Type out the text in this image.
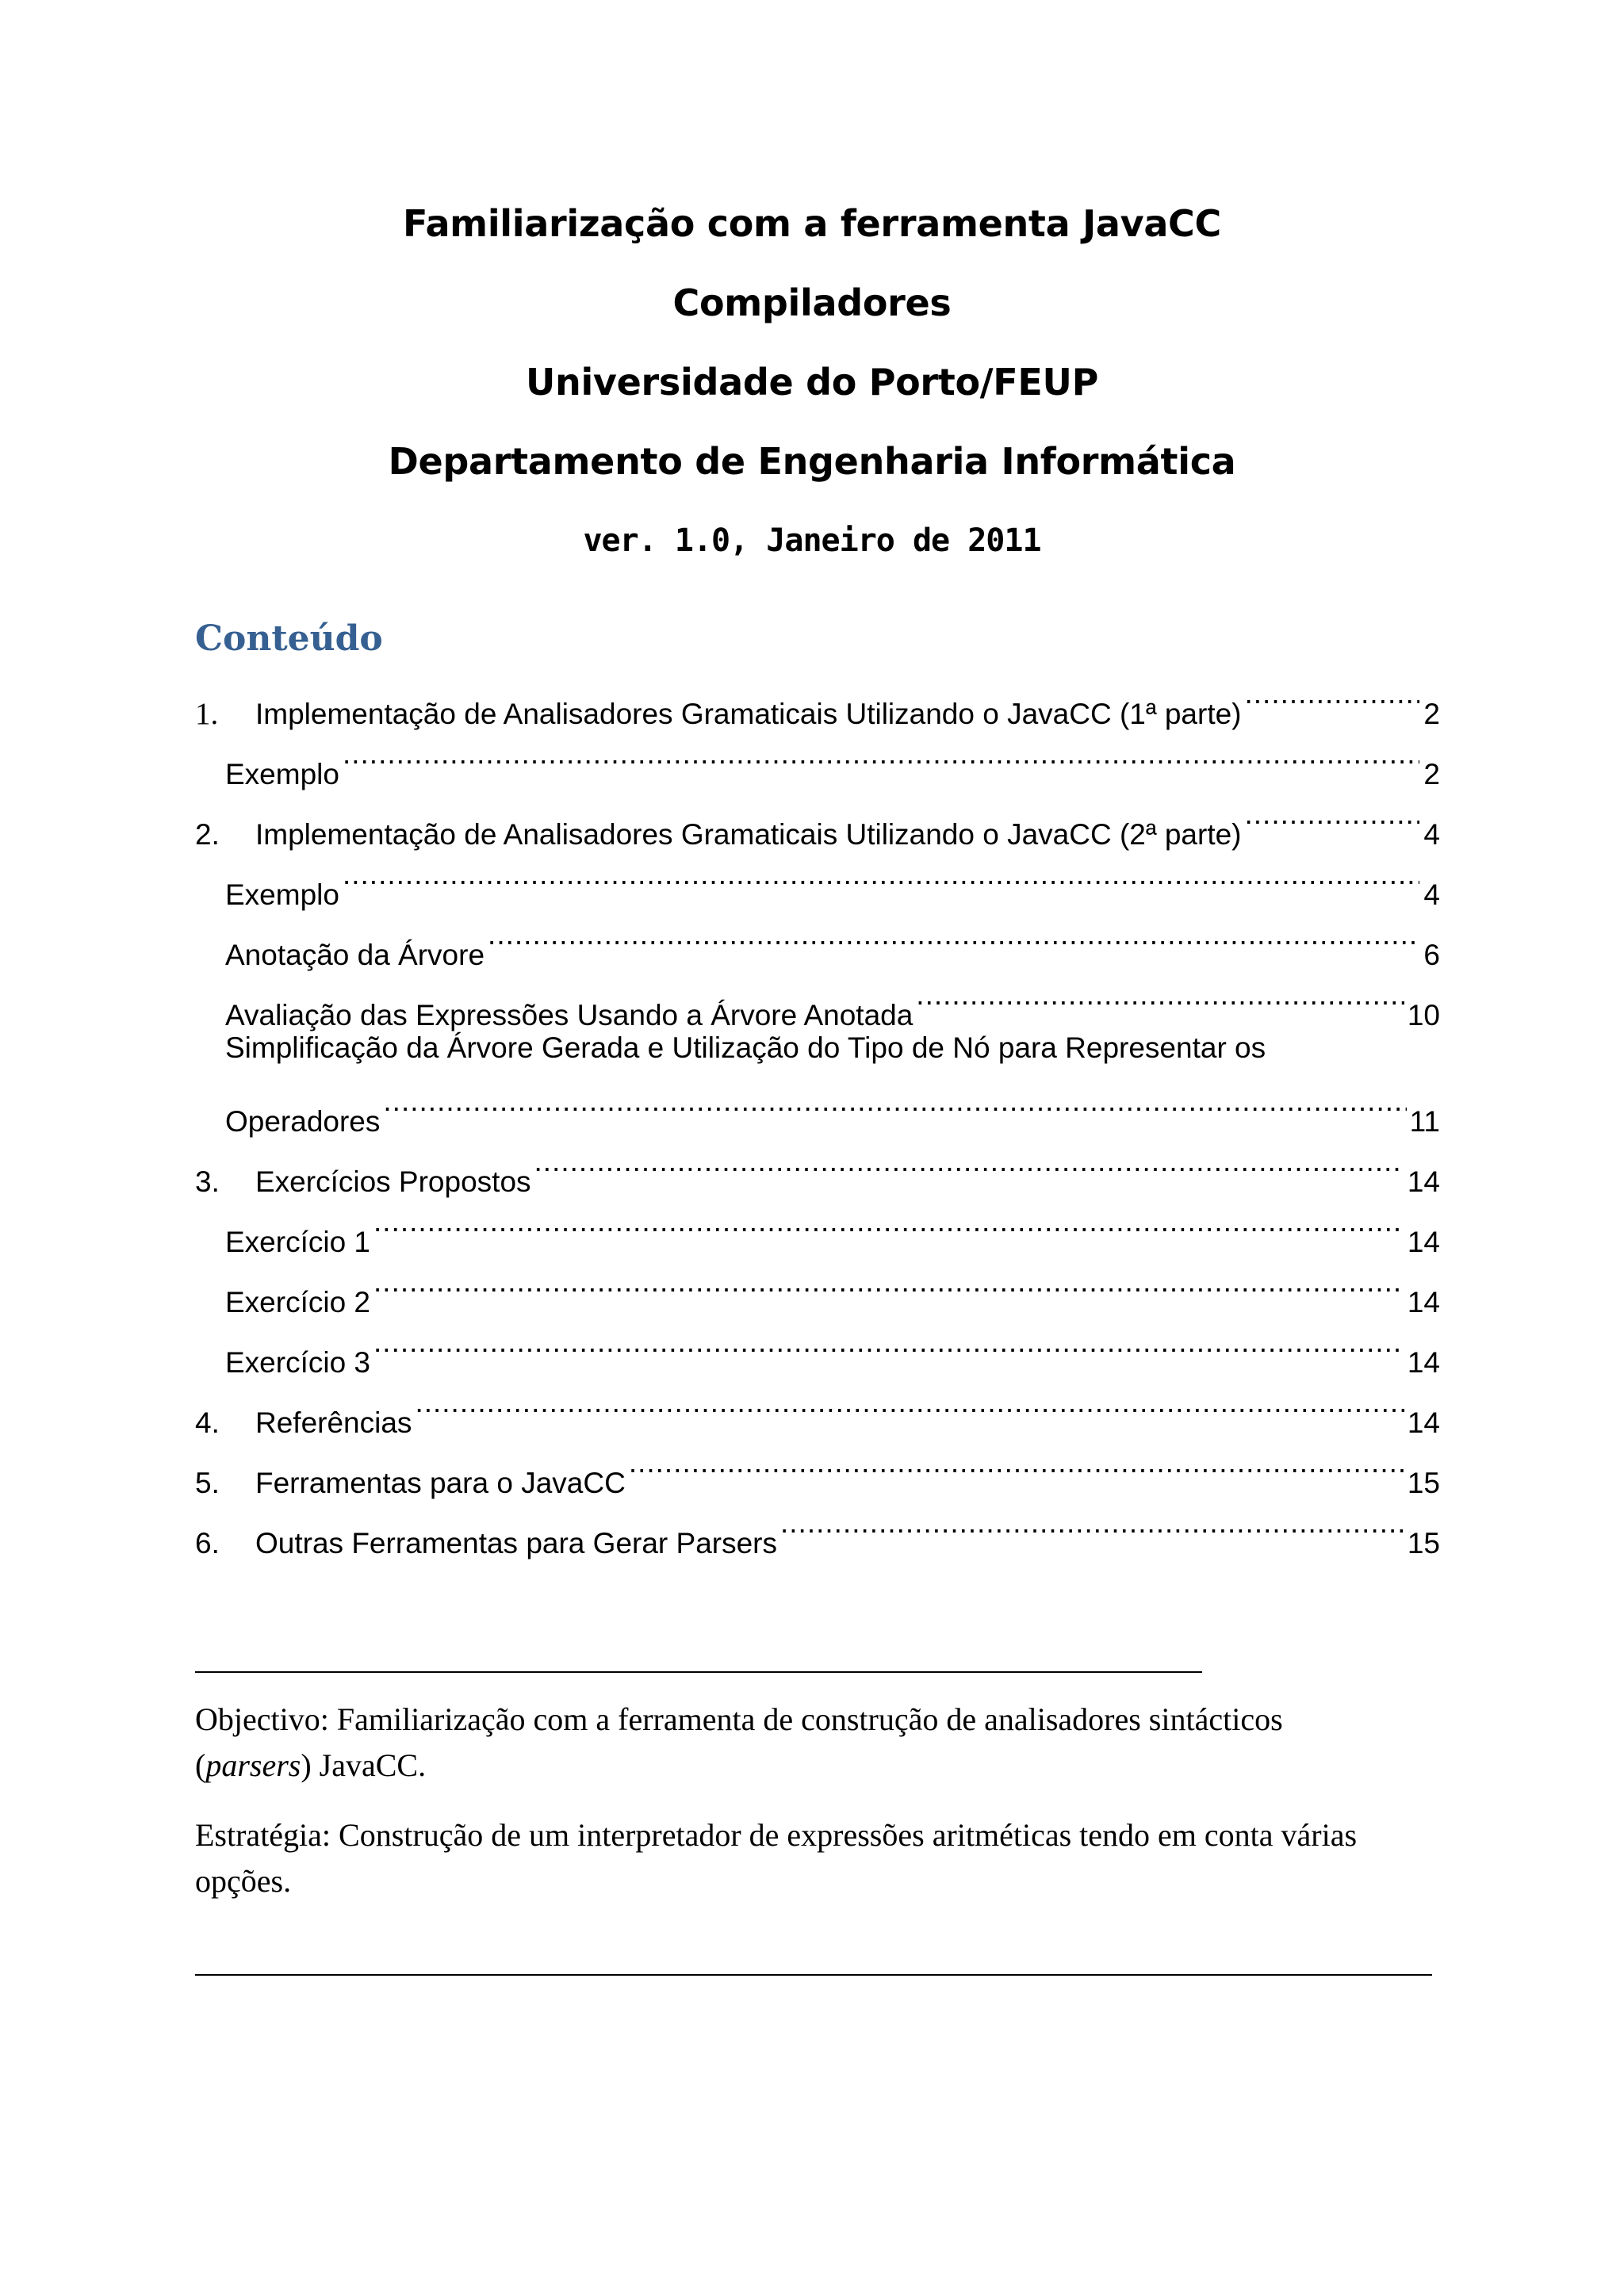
Familiarização com a ferramenta JavaCC
Compiladores
Universidade do Porto/FEUP
Departamento de Engenharia Informática
ver. 1.0, Janeiro de 2011
Conteúdo
1.	Implementação de Analisadores Gramaticais Utilizando o JavaCC (1ª parte) .....	2
Exemplo .....	2
2.	Implementação de Analisadores Gramaticais Utilizando o JavaCC (2ª parte) .....	4
Exemplo .....	4
Anotação da Árvore .....	6
Avaliação das Expressões Usando a Árvore Anotada .....	10
Simplificação da Árvore Gerada e Utilização do Tipo de Nó para Representar os
Operadores .....	11
3.	Exercícios Propostos .....	14
Exercício 1 .....	14
Exercício 2 .....	14
Exercício 3 .....	14
4.	Referências .....	14
5.	Ferramentas para o JavaCC .....	15
6.	Outras Ferramentas para Gerar Parsers .....	15

Objectivo: Familiarização com a ferramenta de construção de analisadores sintácticos
(parsers) JavaCC.

Estratégia: Construção de um interpretador de expressões aritméticas tendo em conta várias opções.
